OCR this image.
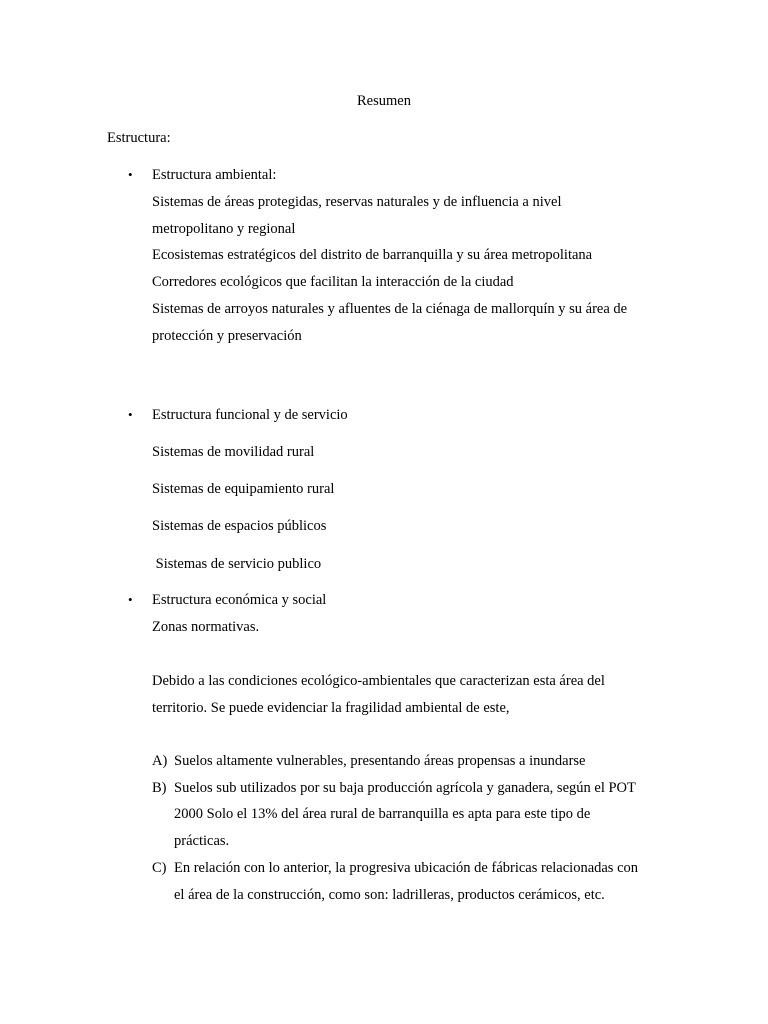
Resumen
Estructura:
• Estructura ambiental:
Sistemas de áreas protegidas, reservas naturales y de influencia a nivel
metropolitano y regional
Ecosistemas estratégicos del distrito de barranquilla y su área metropolitana
Corredores ecológicos que facilitan la interacción de la ciudad
Sistemas de arroyos naturales y afluentes de la ciénaga de mallorquín y su área de
protección y preservación
• Estructura funcional y de servicio
Sistemas de movilidad rural
Sistemas de equipamiento rural
Sistemas de espacios públicos
Sistemas de servicio publico
• Estructura económica y social
Zonas normativas.
Debido a las condiciones ecológico-ambientales que caracterizan esta área del
territorio. Se puede evidenciar la fragilidad ambiental de este,
A) Suelos altamente vulnerables, presentando áreas propensas a inundarse
B) Suelos sub utilizados por su baja producción agrícola y ganadera, según el POT
2000 Solo el 13% del área rural de barranquilla es apta para este tipo de
prácticas.
C) En relación con lo anterior, la progresiva ubicación de fábricas relacionadas con
el área de la construcción, como son: ladrilleras, productos cerámicos, etc.
